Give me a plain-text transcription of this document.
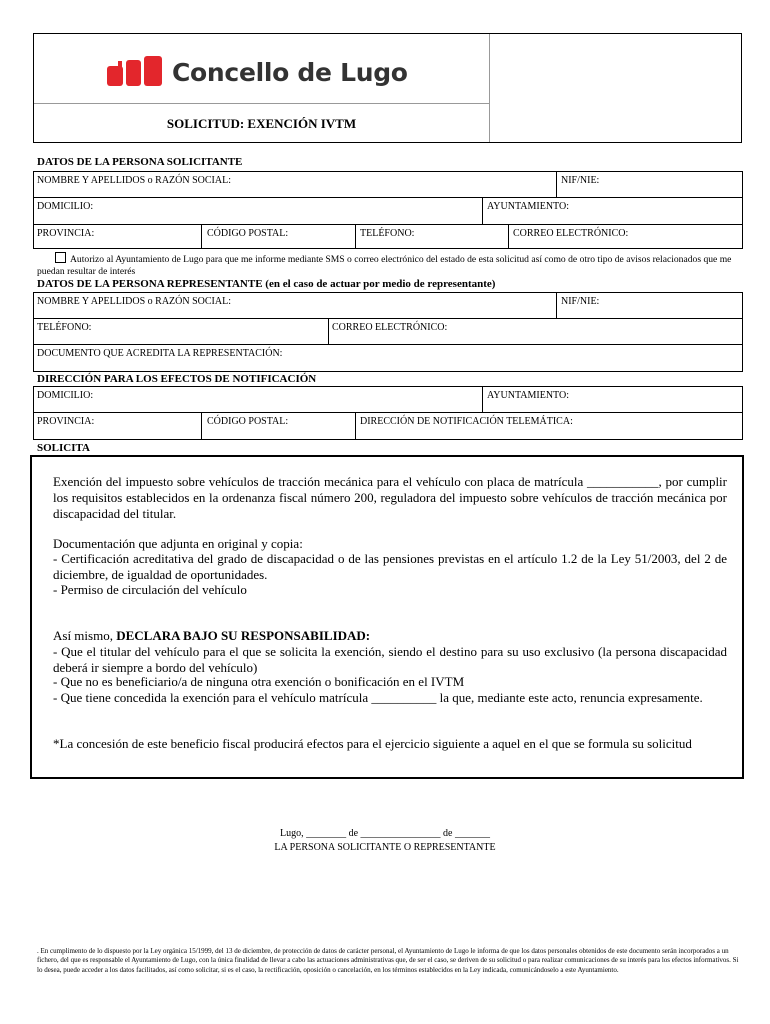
Concello de Lugo
SOLICITUD: EXENCIÓN IVTM
DATOS DE LA PERSONA SOLICITANTE
NOMBRE Y APELLIDOS o RAZÓN SOCIAL:	NIF/NIE:
DOMICILIO:	AYUNTAMIENTO:
PROVINCIA:	CÓDIGO POSTAL:	TELÉFONO:	CORREO ELECTRÓNICO:
Autorizo al Ayuntamiento de Lugo para que me informe mediante SMS o correo electrónico del estado de esta solicitud así como de otro tipo de avisos relacionados que me puedan resultar de interés
DATOS DE LA PERSONA REPRESENTANTE (en el caso de actuar por medio de representante)
NOMBRE Y APELLIDOS o RAZÓN SOCIAL:	NIF/NIE:
TELÉFONO:	CORREO ELECTRÓNICO:
DOCUMENTO QUE ACREDITA LA REPRESENTACIÓN:
DIRECCIÓN PARA LOS EFECTOS DE NOTIFICACIÓN
DOMICILIO:	AYUNTAMIENTO:
PROVINCIA:	CÓDIGO POSTAL:	DIRECCIÓN DE NOTIFICACIÓN TELEMÁTICA:
SOLICITA
Exención del impuesto sobre vehículos de tracción mecánica para el vehículo con placa de matrícula ___________, por cumplir los requisitos establecidos en la ordenanza fiscal número 200, reguladora del impuesto sobre vehículos de tracción mecánica por discapacidad del titular.
Documentación que adjunta en original y copia:
- Certificación acreditativa del grado de discapacidad o de las pensiones previstas en el artículo 1.2 de la Ley 51/2003, del 2 de diciembre, de igualdad de oportunidades.
- Permiso de circulación del vehículo
Así mismo, DECLARA BAJO SU RESPONSABILIDAD:
- Que el titular del vehículo para el que se solicita la exención, siendo el destino para su uso exclusivo (la persona discapacidad deberá ir siempre a bordo del vehículo)
- Que no es beneficiario/a de ninguna otra exención o bonificación en el IVTM
- Que tiene concedida la exención para el vehículo matrícula __________ la que, mediante este acto, renuncia expresamente.
*La concesión de este beneficio fiscal producirá efectos para el ejercicio siguiente a aquel en el que se formula su solicitud
Lugo, ________ de ________________ de _______
LA PERSONA SOLICITANTE O REPRESENTANTE
. En cumplimento de lo dispuesto por la Ley orgánica 15/1999, del 13 de diciembre, de protección de datos de carácter personal, el Ayuntamiento de Lugo le informa de que los datos personales obtenidos de este documento serán incorporados a un fichero, del que es responsable el Ayuntamiento de Lugo, con la única finalidad de llevar a cabo las actuaciones administrativas que, de ser el caso, se deriven de su solicitud o para realizar comunicaciones de su interés para los efectos informativos. Si lo desea, puede acceder a los datos facilitados, así como solicitar, si es el caso, la rectificación, oposición o cancelación, en los términos establecidos en la Ley indicada, comunicándoselo a este Ayuntamiento.
